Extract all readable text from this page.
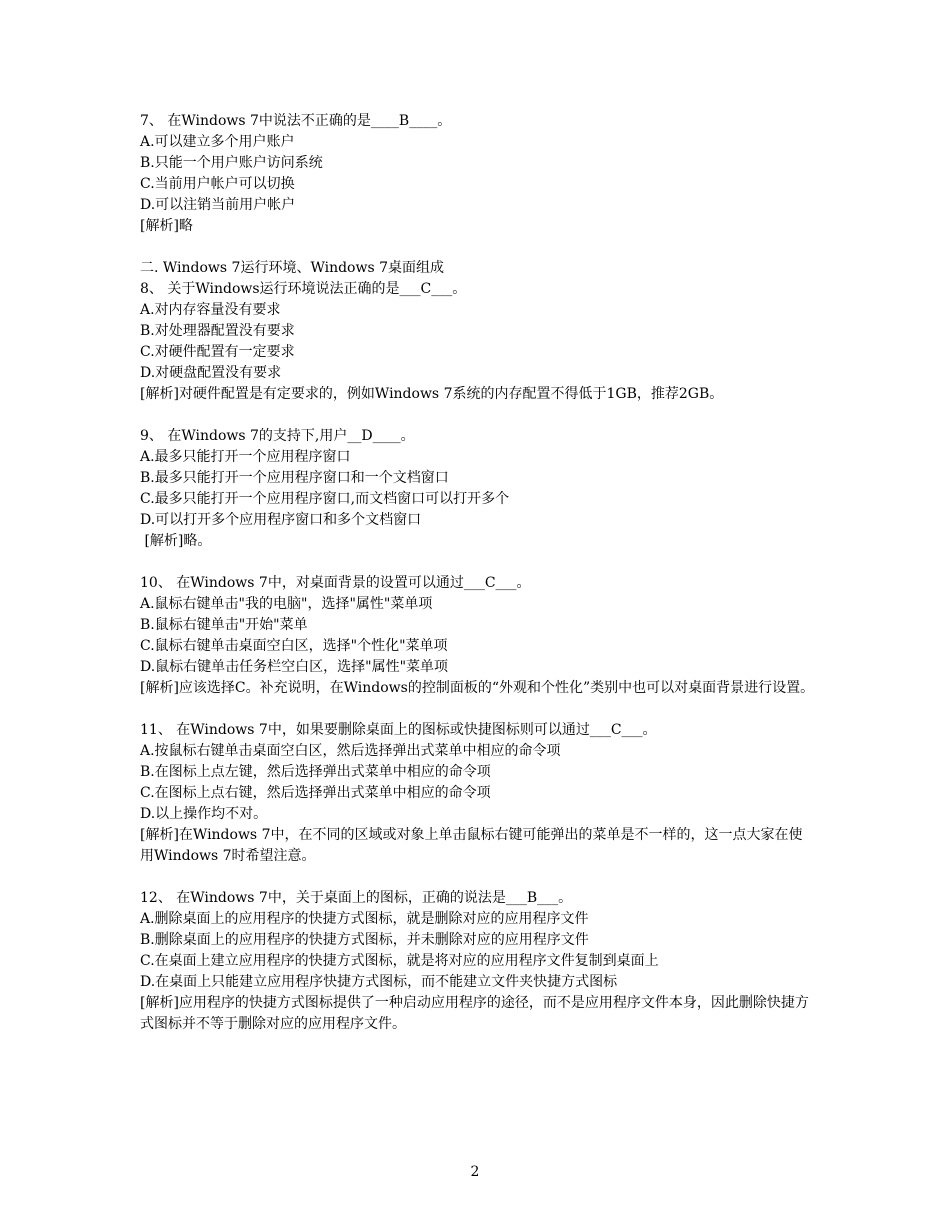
7、 在Windows 7中说法不正确的是____B____。
A.可以建立多个用户账户
B.只能一个用户账户访问系统
C.当前用户帐户可以切换
D.可以注销当前用户帐户
[解析]略
二. Windows 7运行环境、Windows 7桌面组成
8、 关于Windows运行环境说法正确的是___C___。
A.对内存容量没有要求
B.对处理器配置没有要求
C.对硬件配置有一定要求
D.对硬盘配置没有要求
[解析]对硬件配置是有定要求的，例如Windows 7系统的内存配置不得低于1GB，推荐2GB。
9、 在Windows 7的支持下,用户__D____。
A.最多只能打开一个应用程序窗口
B.最多只能打开一个应用程序窗口和一个文档窗口
C.最多只能打开一个应用程序窗口,而文档窗口可以打开多个
D.可以打开多个应用程序窗口和多个文档窗口
[解析]略。
10、 在Windows 7中，对桌面背景的设置可以通过___C___。
A.鼠标右键单击"我的电脑"，选择"属性"菜单项
B.鼠标右键单击"开始"菜单
C.鼠标右键单击桌面空白区，选择"个性化"菜单项
D.鼠标右键单击任务栏空白区，选择"属性"菜单项
[解析]应该选择C。补充说明，在Windows的控制面板的“外观和个性化”类别中也可以对桌面背景进行设置。
11、 在Windows 7中，如果要删除桌面上的图标或快捷图标则可以通过___C___。
A.按鼠标右键单击桌面空白区，然后选择弹出式菜单中相应的命令项
B.在图标上点左键，然后选择弹出式菜单中相应的命令项
C.在图标上点右键，然后选择弹出式菜单中相应的命令项
D.以上操作均不对。
[解析]在Windows 7中，在不同的区域或对象上单击鼠标右键可能弹出的菜单是不一样的，这一点大家在使用Windows 7时希望注意。
12、 在Windows 7中，关于桌面上的图标，正确的说法是___B___。
A.删除桌面上的应用程序的快捷方式图标，就是删除对应的应用程序文件
B.删除桌面上的应用程序的快捷方式图标，并未删除对应的应用程序文件
C.在桌面上建立应用程序的快捷方式图标，就是将对应的应用程序文件复制到桌面上
D.在桌面上只能建立应用程序快捷方式图标，而不能建立文件夹快捷方式图标
[解析]应用程序的快捷方式图标提供了一种启动应用程序的途径，而不是应用程序文件本身，因此删除快捷方式图标并不等于删除对应的应用程序文件。
2
